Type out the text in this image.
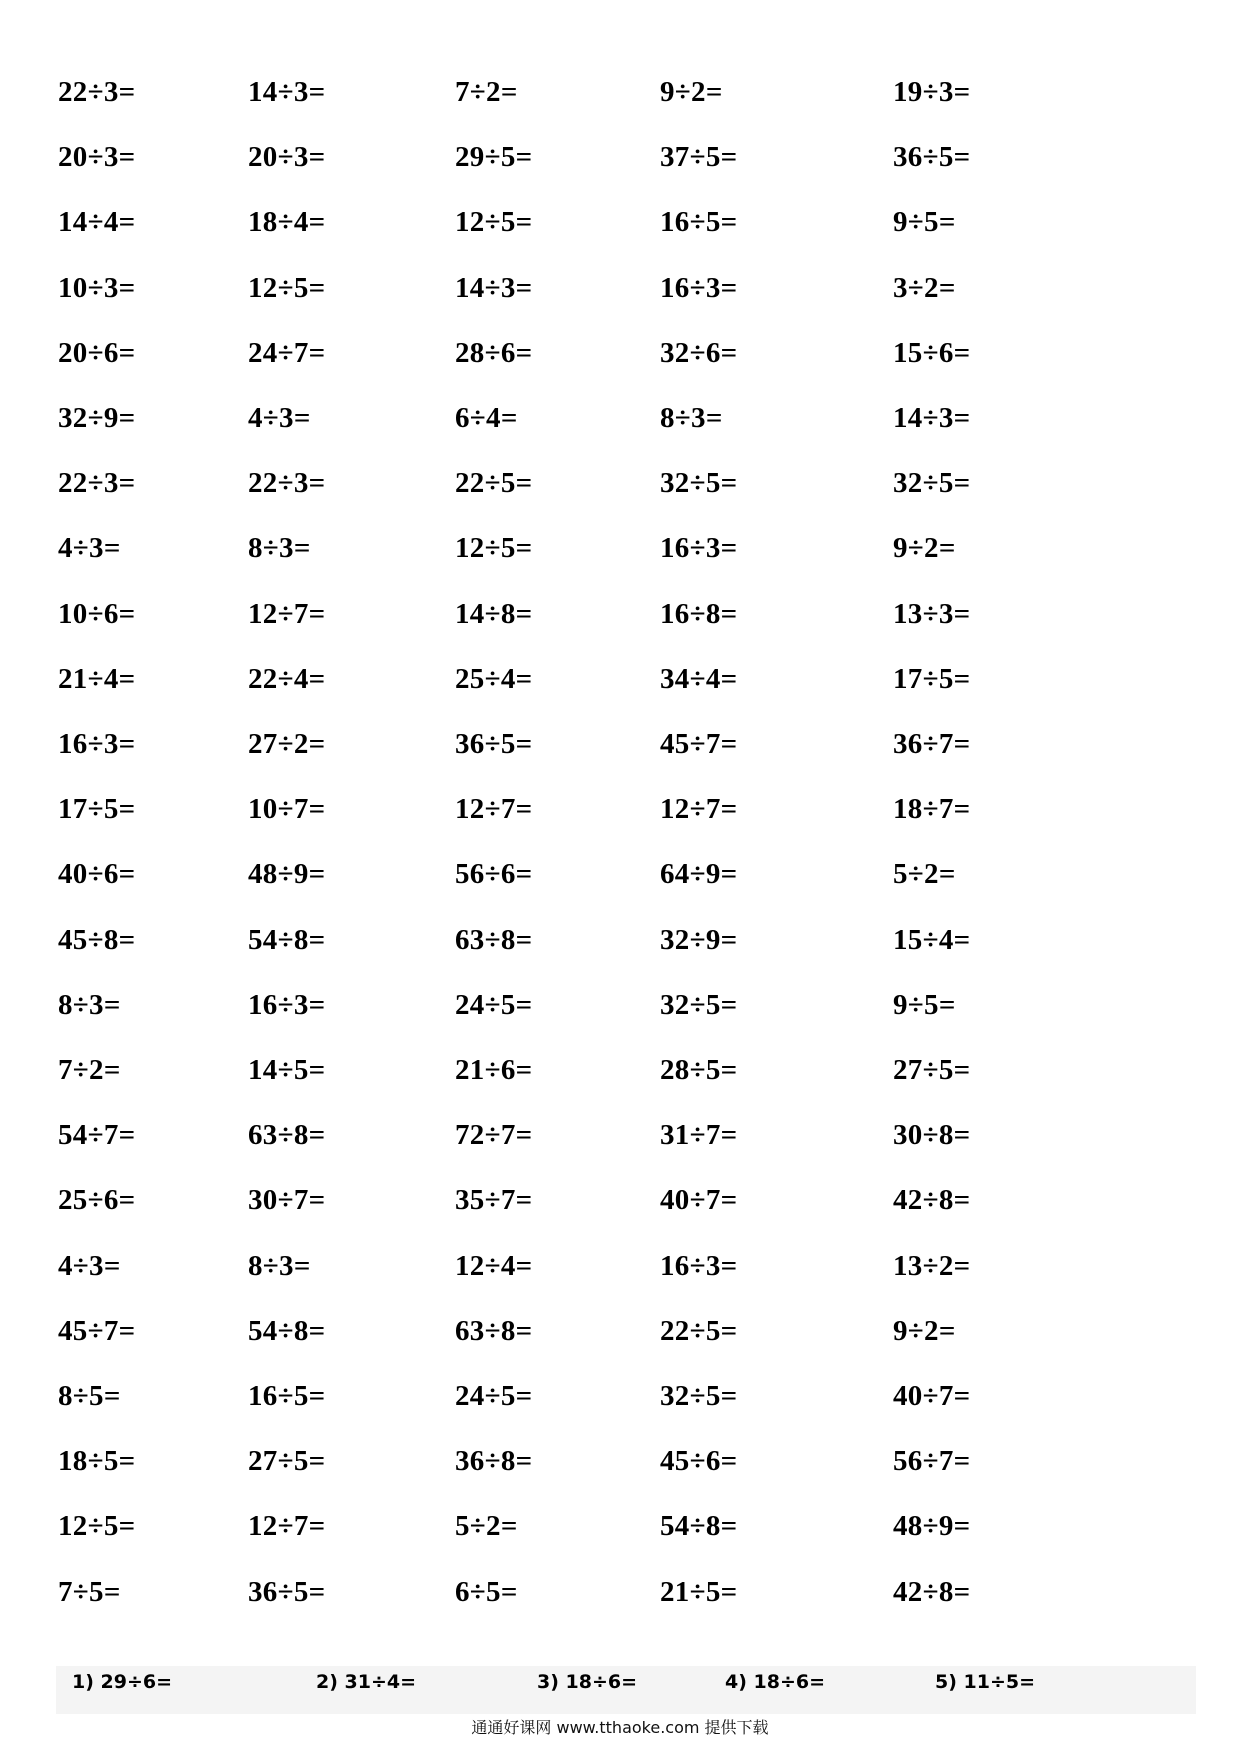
通通好课网 www.tthaoke.com 提供下载
22÷3=	14÷3=	7÷2=	9÷2=	19÷3=
20÷3=	20÷3=	29÷5=	37÷5=	36÷5=
14÷4=	18÷4=	12÷5=	16÷5=	9÷5=
10÷3=	12÷5=	14÷3=	16÷3=	3÷2=
20÷6=	24÷7=	28÷6=	32÷6=	15÷6=
32÷9=	4÷3=	6÷4=	8÷3=	14÷3=
22÷3=	22÷3=	22÷5=	32÷5=	32÷5=
4÷3=	8÷3=	12÷5=	16÷3=	9÷2=
10÷6=	12÷7=	14÷8=	16÷8=	13÷3=
21÷4=	22÷4=	25÷4=	34÷4=	17÷5=
16÷3=	27÷2=	36÷5=	45÷7=	36÷7=
17÷5=	10÷7=	12÷7=	12÷7=	18÷7=
40÷6=	48÷9=	56÷6=	64÷9=	5÷2=
45÷8=	54÷8=	63÷8=	32÷9=	15÷4=
8÷3=	16÷3=	24÷5=	32÷5=	9÷5=
7÷2=	14÷5=	21÷6=	28÷5=	27÷5=
54÷7=	63÷8=	72÷7=	31÷7=	30÷8=
25÷6=	30÷7=	35÷7=	40÷7=	42÷8=
4÷3=	8÷3=	12÷4=	16÷3=	13÷2=
45÷7=	54÷8=	63÷8=	22÷5=	9÷2=
8÷5=	16÷5=	24÷5=	32÷5=	40÷7=
18÷5=	27÷5=	36÷8=	45÷6=	56÷7=
12÷5=	12÷7=	5÷2=	54÷8=	48÷9=
7÷5=	36÷5=	6÷5=	21÷5=	42÷8=
1) 29÷6=	2) 31÷4=	3) 18÷6=	4) 18÷6=	5) 11÷5=
